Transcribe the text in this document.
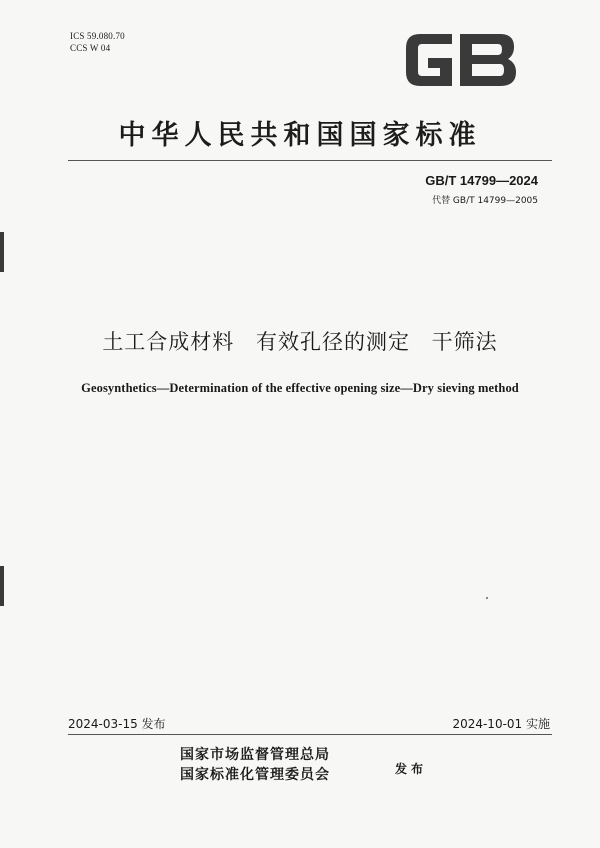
ICS 59.080.70
CCS W 04
中华人民共和国国家标准
GB/T 14799—2024
代替 GB/T 14799—2005
土工合成材料 有效孔径的测定 干筛法
Geosynthetics—Determination of the effective opening size—Dry sieving method
2024-03-15 发布	2024-10-01 实施
国家市场监督管理总局
国家标准化管理委员会	发布
